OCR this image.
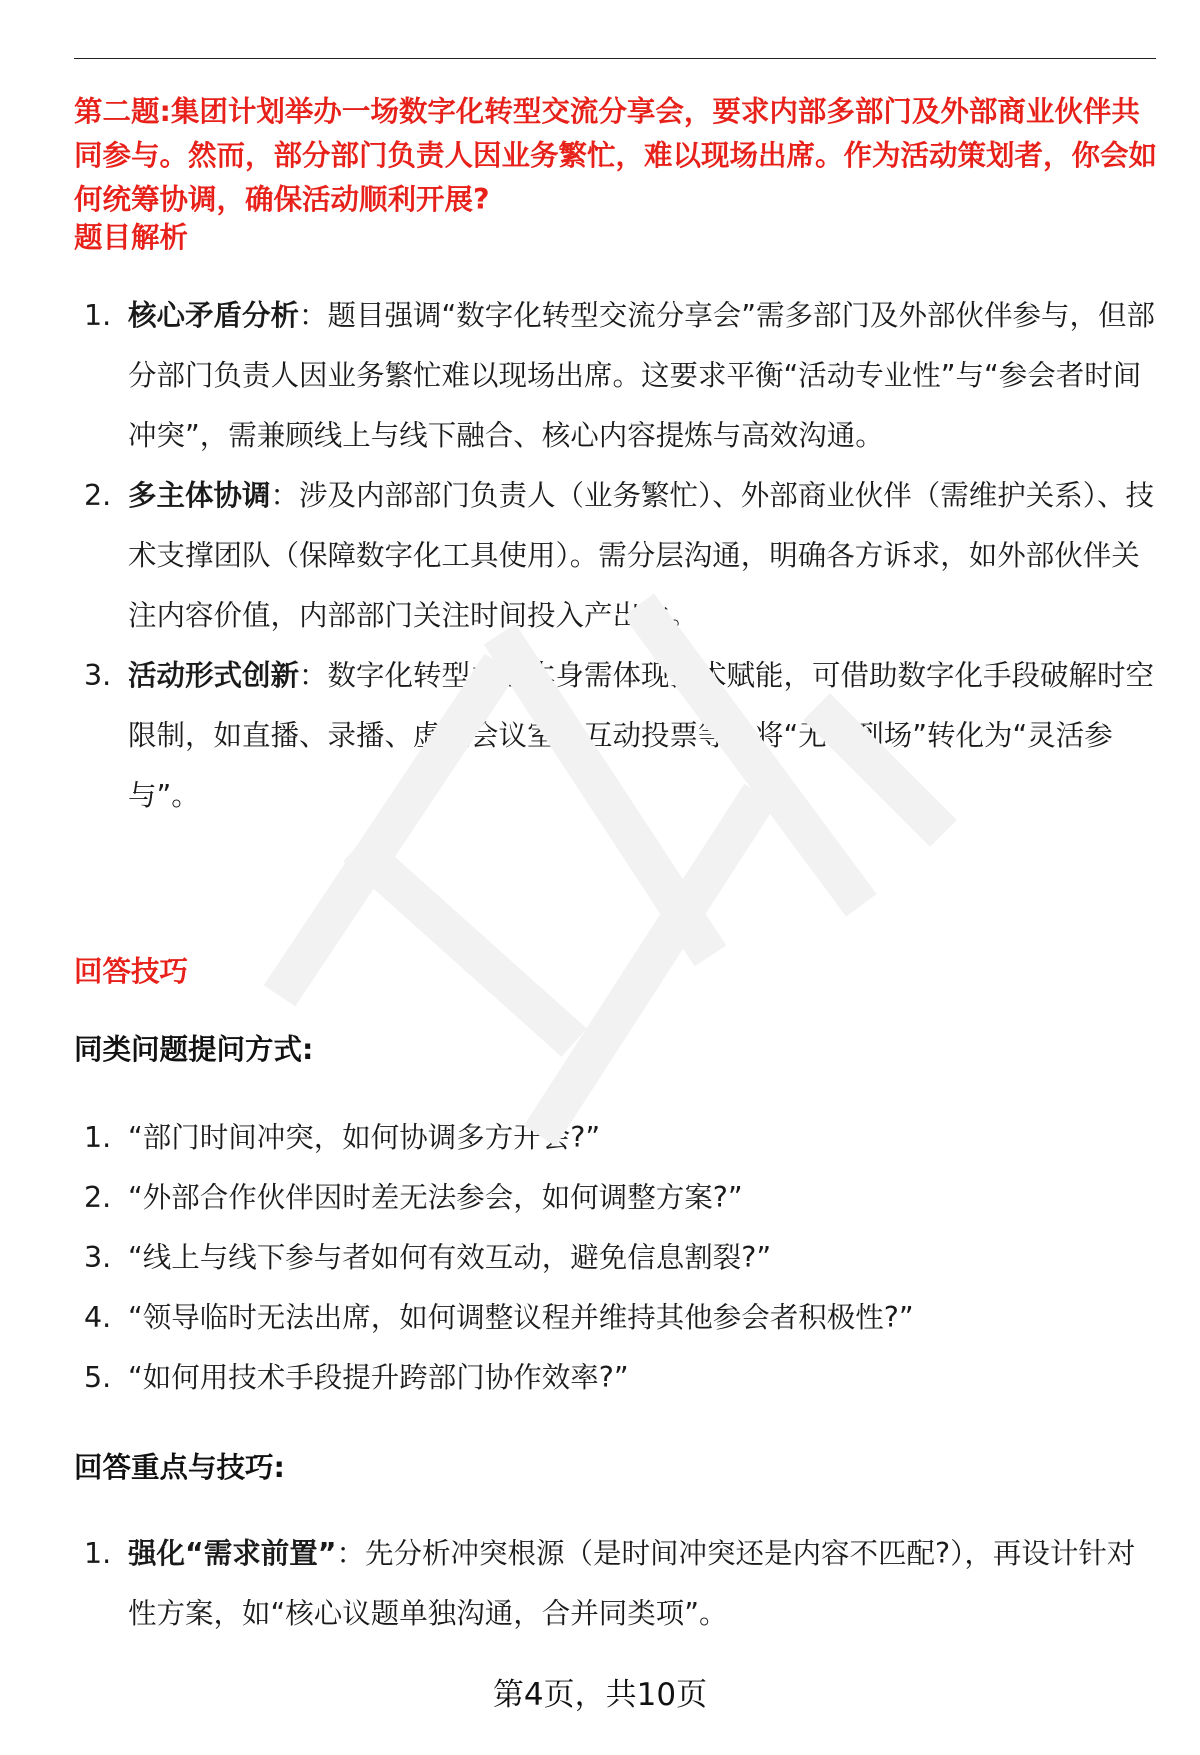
第二题:集团计划举办一场数字化转型交流分享会，要求内部多部门及外部商业伙伴共同参与。然而，部分部门负责人因业务繁忙，难以现场出席。作为活动策划者，你会如何统筹协调，确保活动顺利开展?
题目解析
1. 核心矛盾分析：题目强调“数字化转型交流分享会”需多部门及外部伙伴参与，但部分部门负责人因业务繁忙难以现场出席。这要求平衡“活动专业性”与“参会者时间冲突”，需兼顾线上与线下融合、核心内容提炼与高效沟通。
2. 多主体协调：涉及内部部门负责人（业务繁忙）、外部商业伙伴（需维护关系）、技术支撑团队（保障数字化工具使用）。需分层沟通，明确各方诉求，如外部伙伴关注内容价值，内部部门关注时间投入产出比。
3. 活动形式创新：数字化转型主题本身需体现技术赋能，可借助数字化手段破解时空限制，如直播、录播、虚拟会议室、互动投票等，将“无法到场”转化为“灵活参与”。
回答技巧
同类问题提问方式:
1. “部门时间冲突，如何协调多方开会?”
2. “外部合作伙伴因时差无法参会，如何调整方案?”
3. “线上与线下参与者如何有效互动，避免信息割裂?”
4. “领导临时无法出席，如何调整议程并维持其他参会者积极性?”
5. “如何用技术手段提升跨部门协作效率?”
回答重点与技巧:
1. 强化“需求前置”：先分析冲突根源（是时间冲突还是内容不匹配?），再设计针对性方案，如“核心议题单独沟通，合并同类项”。
第4页，共10页
